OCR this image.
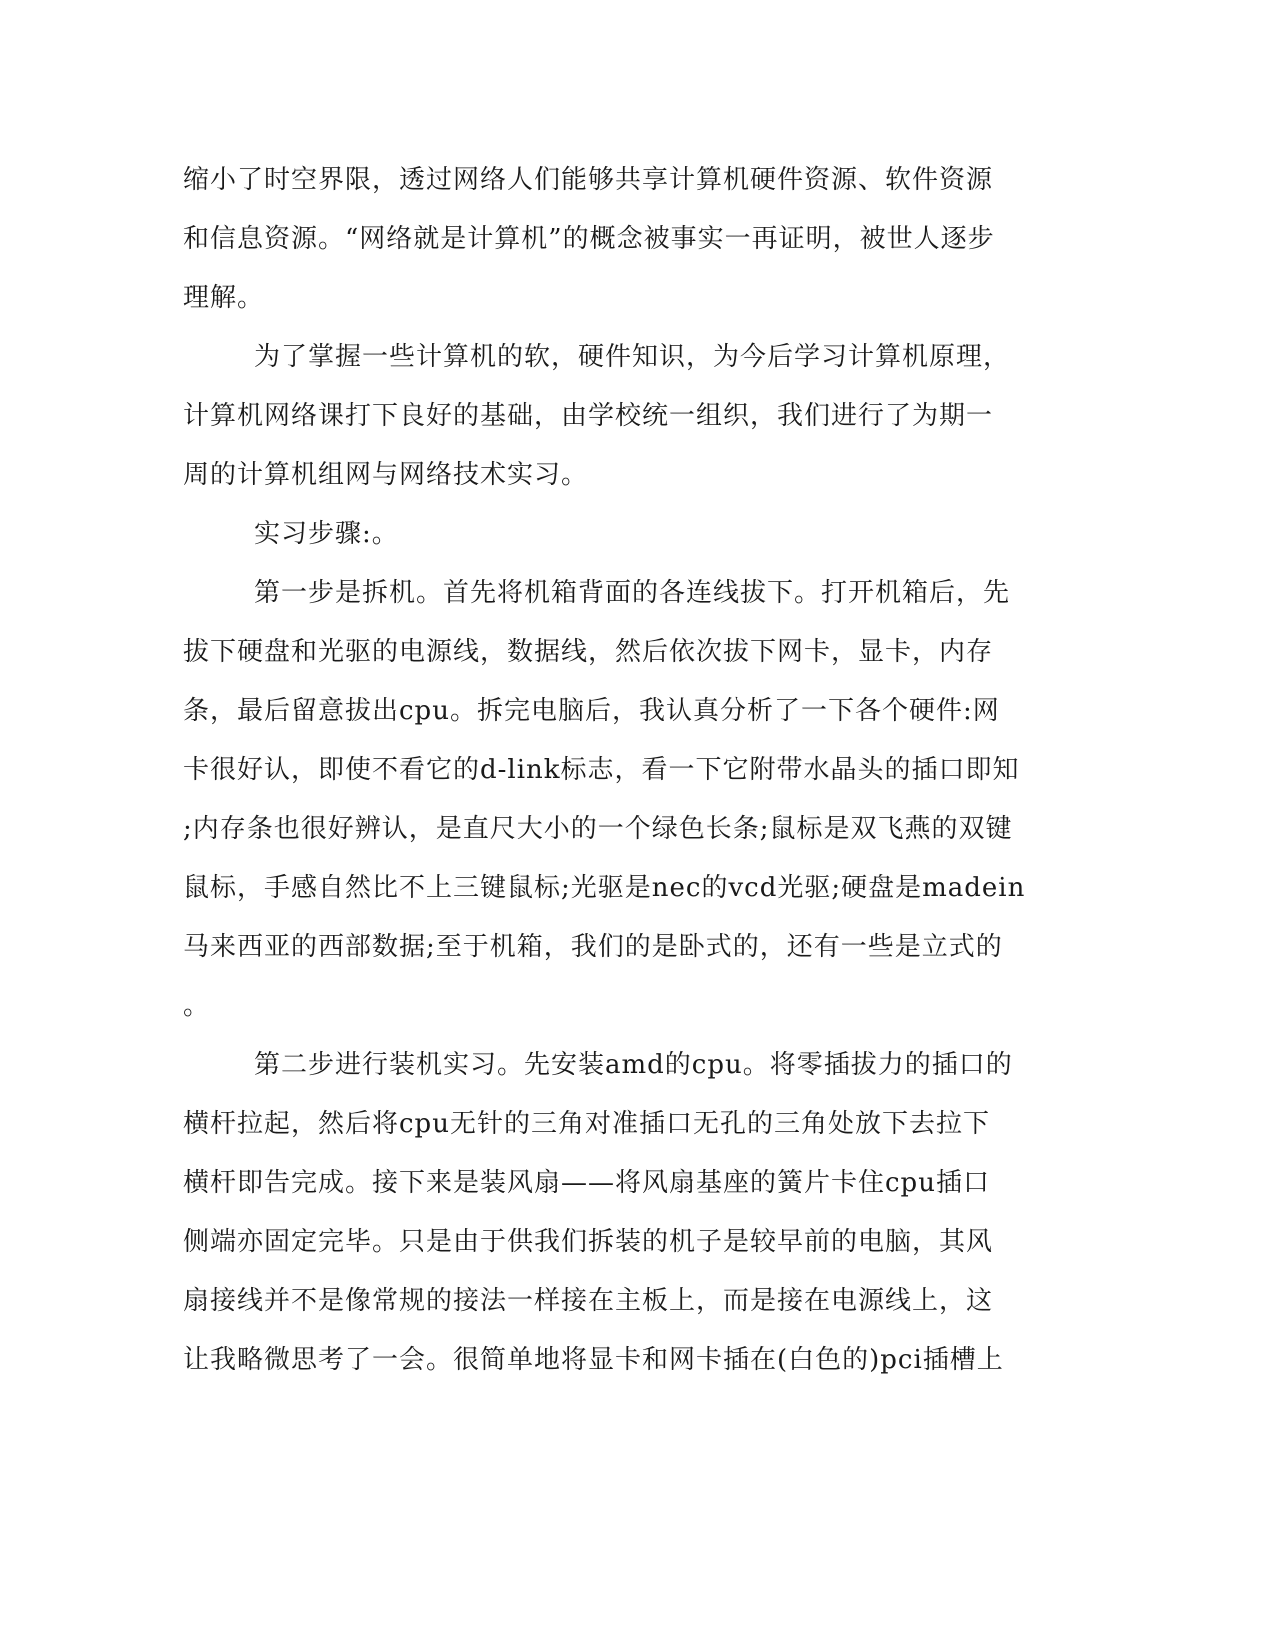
缩小了时空界限，透过网络人们能够共享计算机硬件资源、软件资源
和信息资源。“网络就是计算机”的概念被事实一再证明，被世人逐步
理解。
为了掌握一些计算机的软，硬件知识，为今后学习计算机原理，
计算机网络课打下良好的基础，由学校统一组织，我们进行了为期一
周的计算机组网与网络技术实习。
实习步骤:。
第一步是拆机。首先将机箱背面的各连线拔下。打开机箱后，先
拔下硬盘和光驱的电源线，数据线，然后依次拔下网卡，显卡，内存
条，最后留意拔出cpu。拆完电脑后，我认真分析了一下各个硬件:网
卡很好认，即使不看它的d-link标志，看一下它附带水晶头的插口即知
;内存条也很好辨认，是直尺大小的一个绿色长条;鼠标是双飞燕的双键
鼠标，手感自然比不上三键鼠标;光驱是nec的vcd光驱;硬盘是madein
马来西亚的西部数据;至于机箱，我们的是卧式的，还有一些是立式的
。
第二步进行装机实习。先安装amd的cpu。将零插拔力的插口的
横杆拉起，然后将cpu无针的三角对准插口无孔的三角处放下去拉下
横杆即告完成。接下来是装风扇——将风扇基座的簧片卡住cpu插口
侧端亦固定完毕。只是由于供我们拆装的机子是较早前的电脑，其风
扇接线并不是像常规的接法一样接在主板上，而是接在电源线上，这
让我略微思考了一会。很简单地将显卡和网卡插在(白色的)pci插槽上
